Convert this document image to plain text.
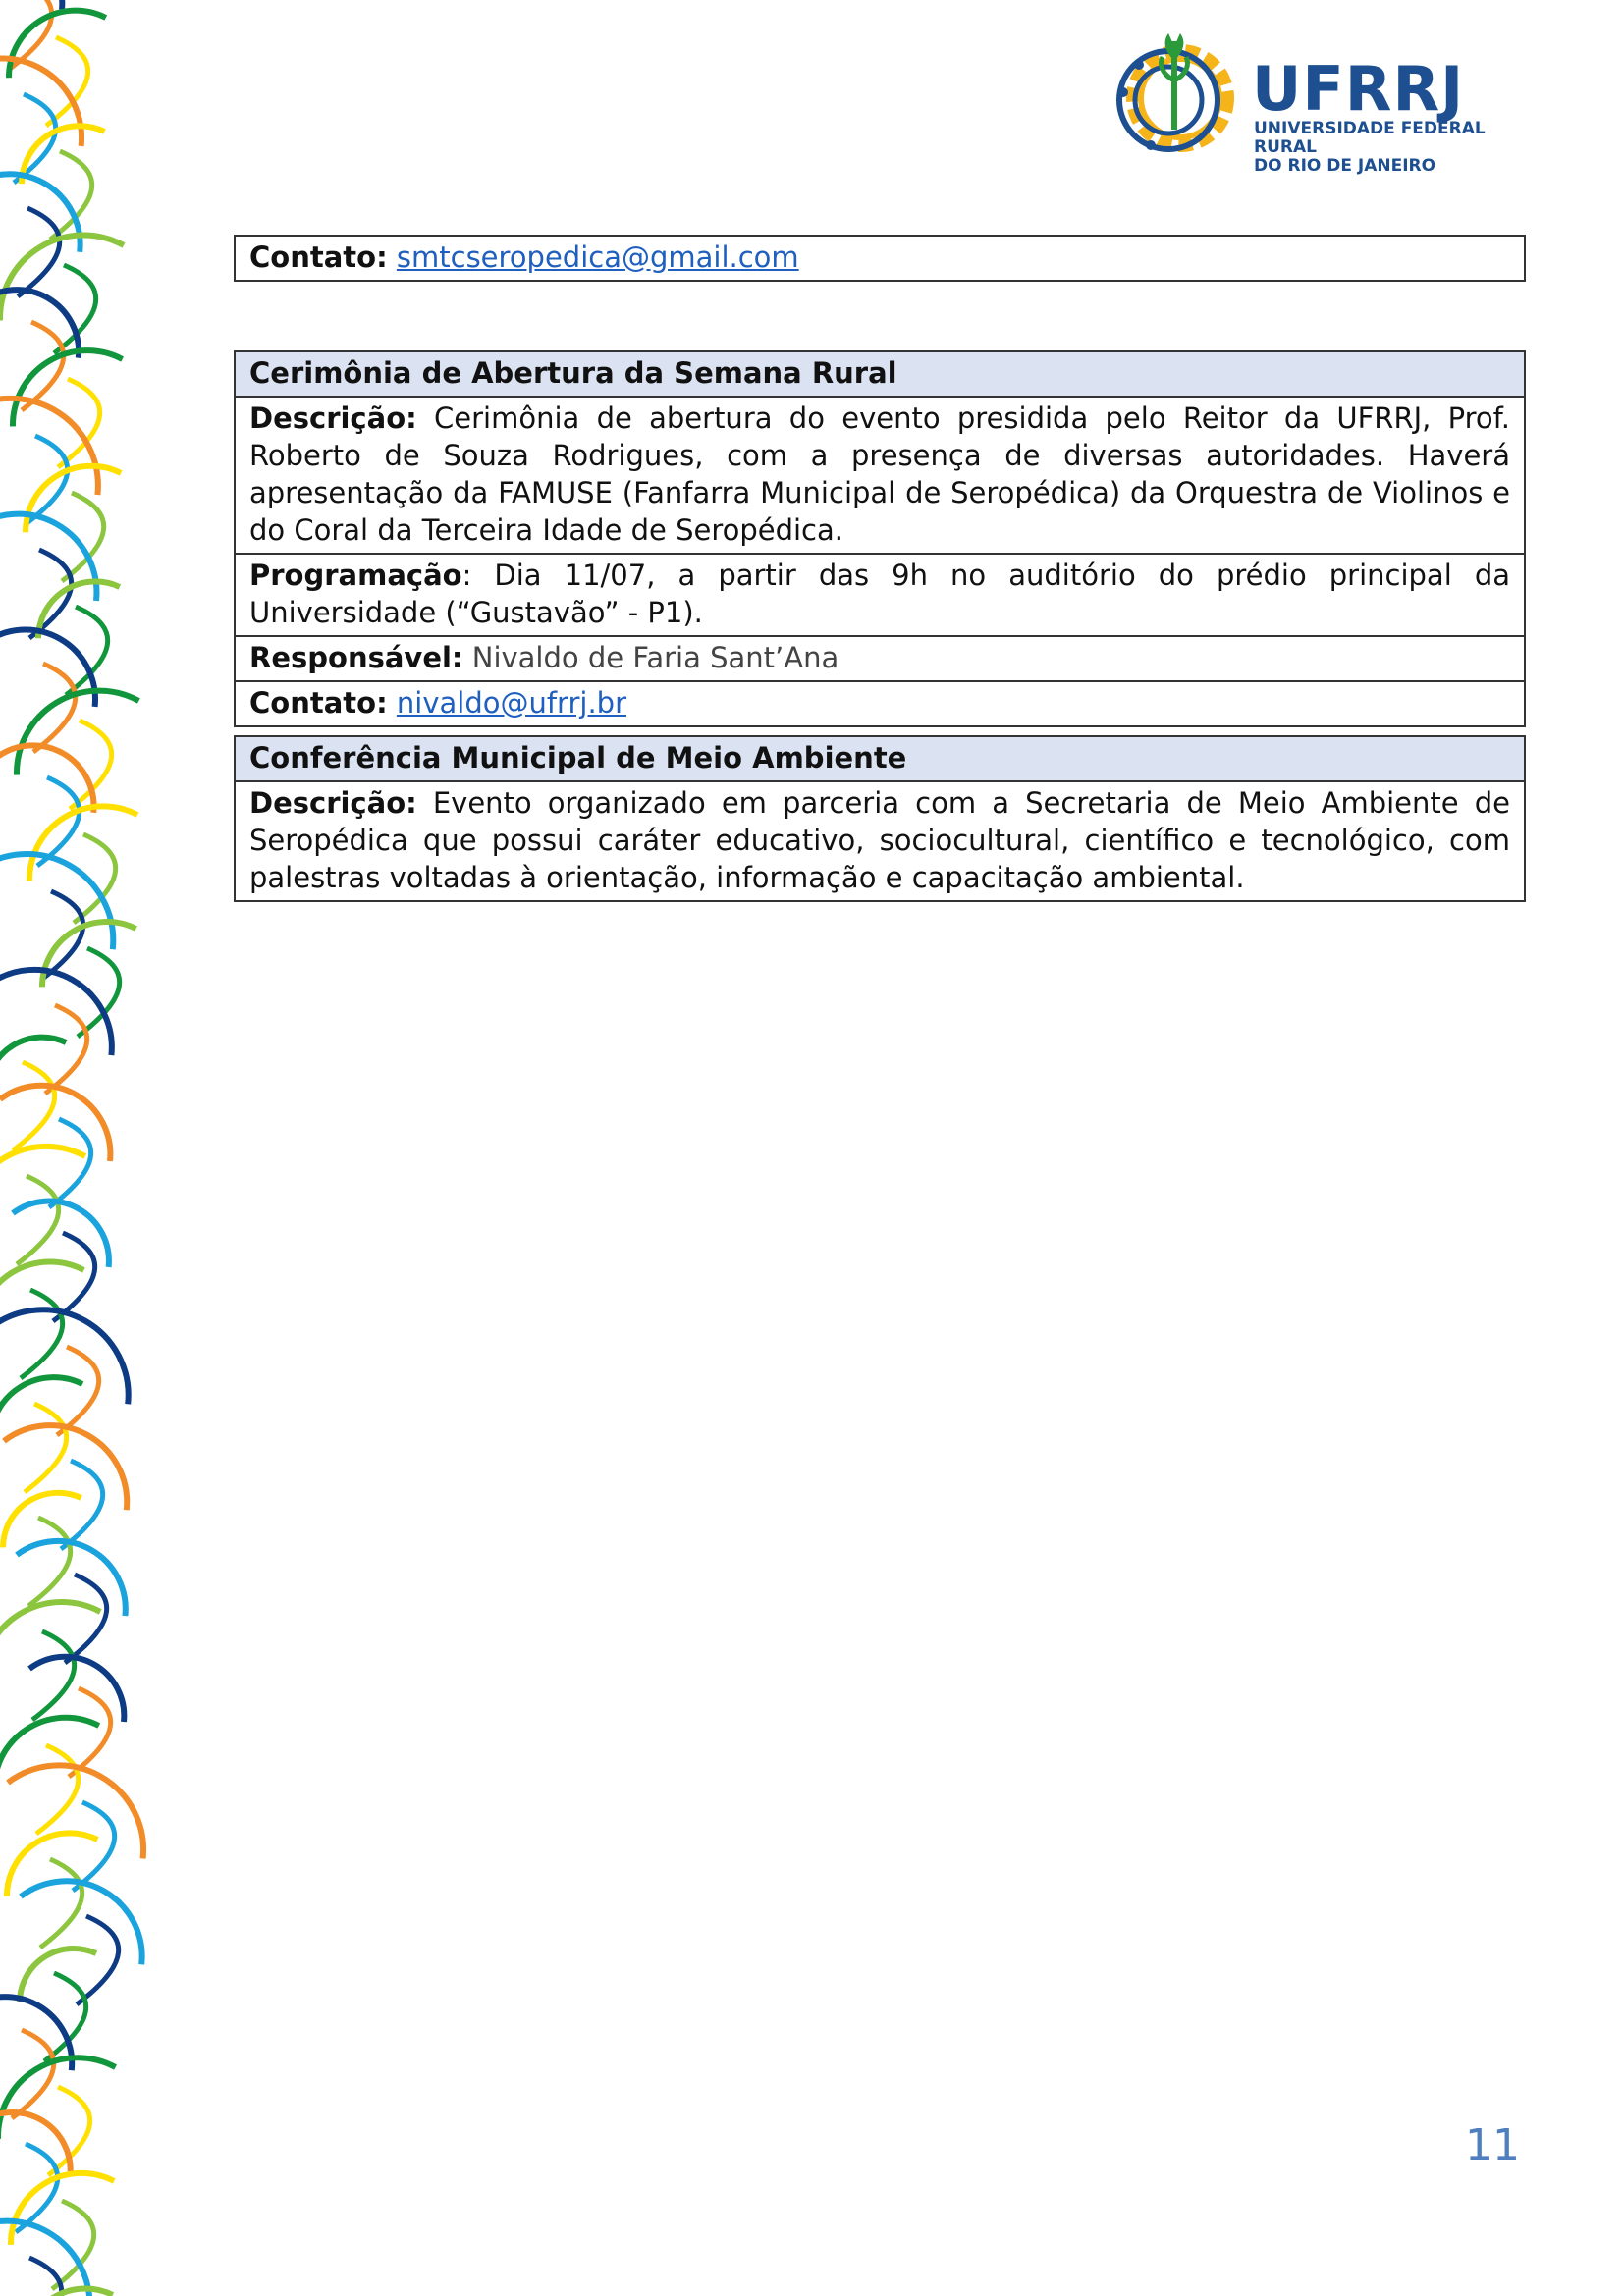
UFRRJ
UNIVERSIDADE FEDERAL RURAL
DO RIO DE JANEIRO
Contato: smtcseropedica@gmail.com
Cerimônia de Abertura da Semana Rural
Descrição: Cerimônia de abertura do evento presidida pelo Reitor da UFRRJ, Prof. Roberto de Souza Rodrigues, com a presença de diversas autoridades. Haverá apresentação da FAMUSE (Fanfarra Municipal de Seropédica) da Orquestra de Violinos e do Coral da Terceira Idade de Seropédica.
Programação: Dia 11/07, a partir das 9h no auditório do prédio principal da Universidade (“Gustavão” - P1).
Responsável: Nivaldo de Faria Sant’Ana
Contato: nivaldo@ufrrj.br
Conferência Municipal de Meio Ambiente
Descrição: Evento organizado em parceria com a Secretaria de Meio Ambiente de Seropédica que possui caráter educativo, sociocultural, científico e tecnológico, com palestras voltadas à orientação, informação e capacitação ambiental.
11
